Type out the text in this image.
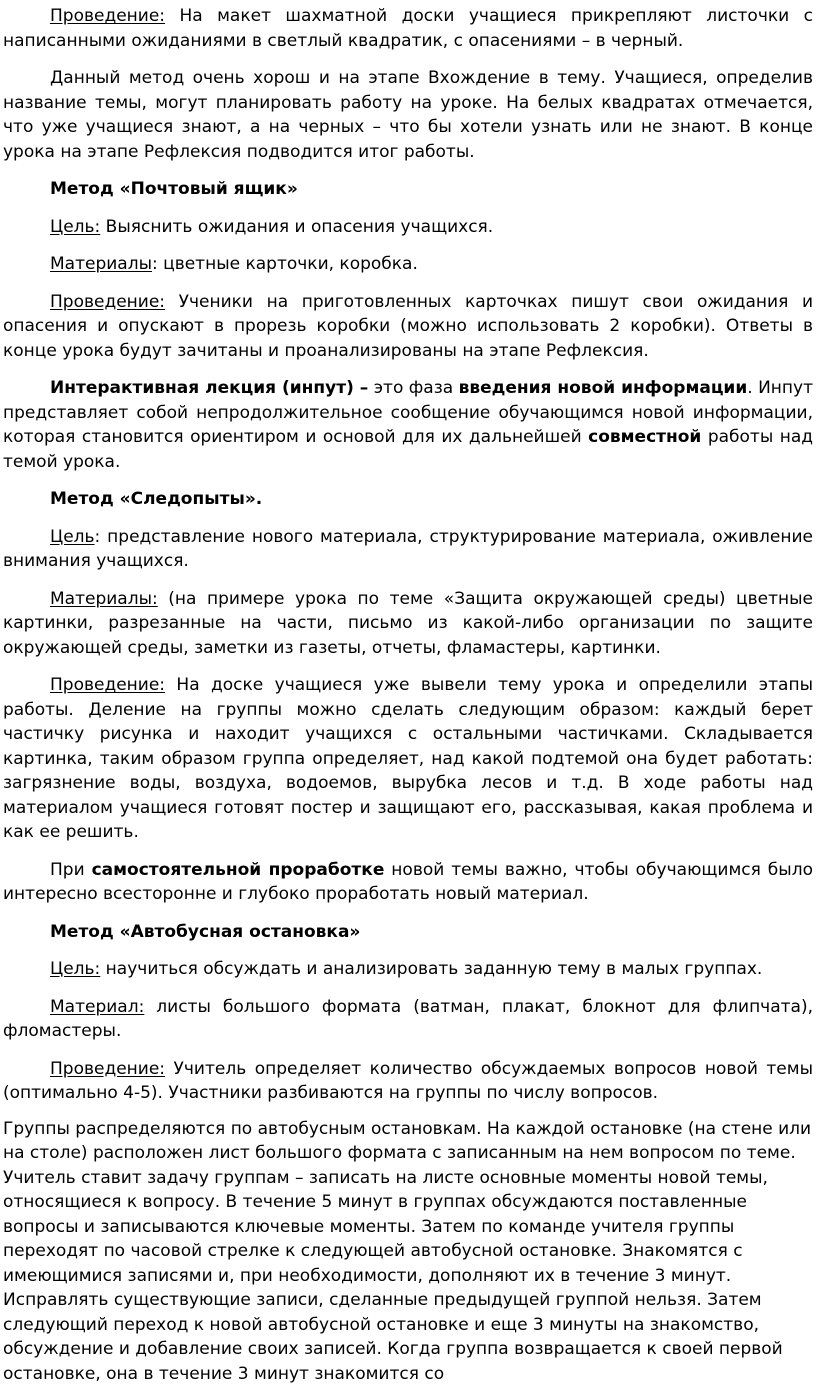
Проведение: На макет шахматной доски учащиеся прикрепляют листочки с написанными ожиданиями в светлый квадратик, с опасениями – в черный.

Данный метод очень хорош и на этапе Вхождение в тему. Учащиеся, определив название темы, могут планировать работу на уроке. На белых квадратах отмечается, что уже учащиеся знают, а на черных – что бы хотели узнать или не знают. В конце урока на этапе Рефлексия подводится итог работы.

Метод «Почтовый ящик»

Цель: Выяснить ожидания и опасения учащихся.

Материалы: цветные карточки, коробка.

Проведение: Ученики на приготовленных карточках пишут свои ожидания и опасения и опускают в прорезь коробки (можно использовать 2 коробки). Ответы в конце урока будут зачитаны и проанализированы на этапе Рефлексия.

Интерактивная лекция (инпут) – это фаза введения новой информации. Инпут представляет собой непродолжительное сообщение обучающимся новой информации, которая становится ориентиром и основой для их дальнейшей совместной работы над темой урока.

Метод «Следопыты».

Цель: представление нового материала, структурирование материала, оживление внимания учащихся.

Материалы: (на примере урока по теме «Защита окружающей среды) цветные картинки, разрезанные на части, письмо из какой-либо организации по защите окружающей среды, заметки из газеты, отчеты, фламастеры, картинки.

Проведение: На доске учащиеся уже вывели тему урока и определили этапы работы. Деление на группы можно сделать следующим образом: каждый берет частичку рисунка и находит учащихся с остальными частичками. Складывается картинка, таким образом группа определяет, над какой подтемой она будет работать: загрязнение воды, воздуха, водоемов, вырубка лесов и т.д. В ходе работы над материалом учащиеся готовят постер и защищают его, рассказывая, какая проблема и как ее решить.

При самостоятельной проработке новой темы важно, чтобы обучающимся было интересно всесторонне и глубоко проработать новый материал.

Метод «Автобусная остановка»

Цель: научиться обсуждать и анализировать заданную тему в малых группах.

Материал: листы большого формата (ватман, плакат, блокнот для флипчата), фломастеры.

Проведение: Учитель определяет количество обсуждаемых вопросов новой темы (оптимально 4-5). Участники разбиваются на группы по числу вопросов.

Группы распределяются по автобусным остановкам. На каждой остановке (на стене или на столе) расположен лист большого формата с записанным на нем вопросом по теме. Учитель ставит задачу группам – записать на листе основные моменты новой темы, относящиеся к вопросу. В течение 5 минут в группах обсуждаются поставленные вопросы и записываются ключевые моменты. Затем по команде учителя группы переходят по часовой стрелке к следующей автобусной остановке. Знакомятся с имеющимися записями и, при необходимости, дополняют их в течение 3 минут. Исправлять существующие записи, сделанные предыдущей группой нельзя. Затем следующий переход к новой автобусной остановке и еще 3 минуты на знакомство, обсуждение и добавление своих записей. Когда группа возвращается к своей первой остановке, она в течение 3 минут знакомится со
